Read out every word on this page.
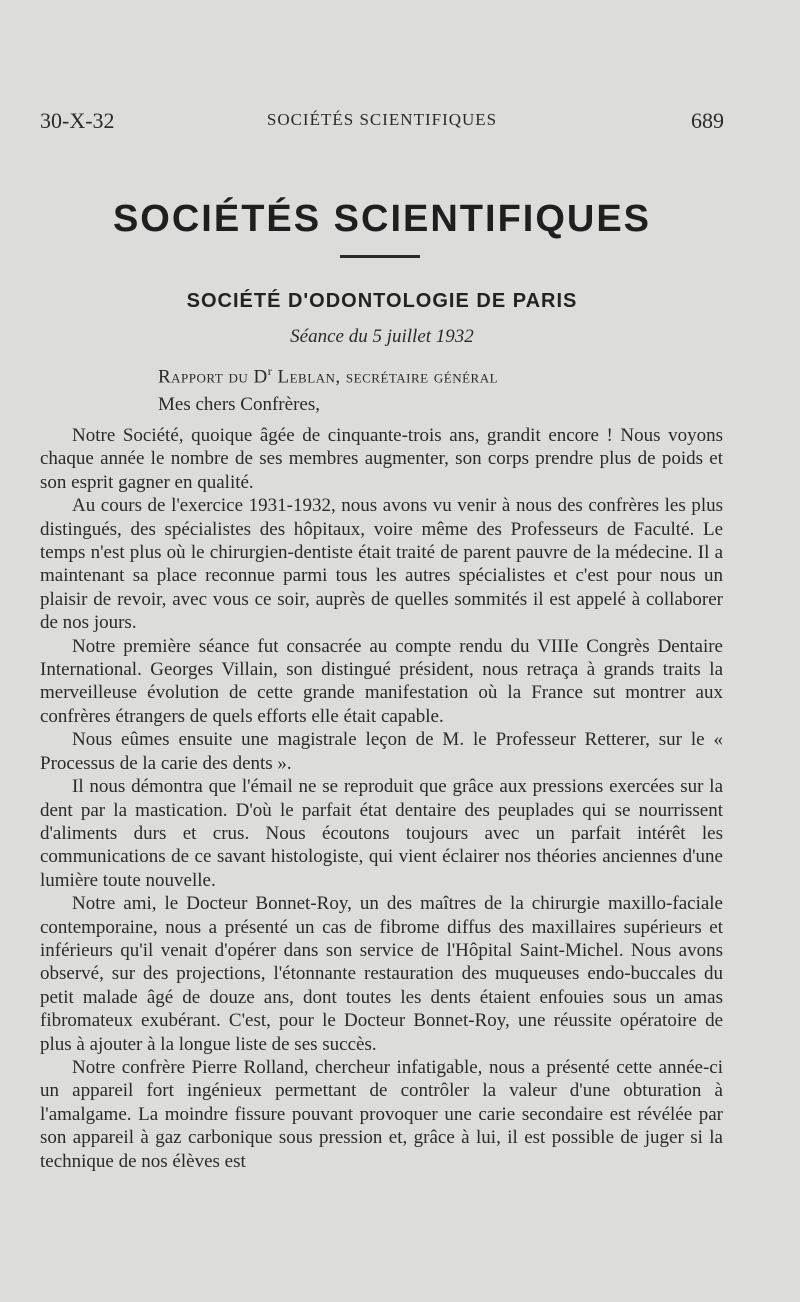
30-X-32	SOCIÉTÉS SCIENTIFIQUES	689
SOCIÉTÉS SCIENTIFIQUES
SOCIÉTÉ D'ODONTOLOGIE DE PARIS
Séance du 5 juillet 1932
Rapport du $D^r$ Leblan, secrétaire général
Mes chers Confrères,

Notre Société, quoique âgée de cinquante-trois ans, grandit encore ! Nous voyons chaque année le nombre de ses membres augmenter, son corps prendre plus de poids et son esprit gagner en qualité.

Au cours de l'exercice 1931-1932, nous avons vu venir à nous des confrères les plus distingués, des spécialistes des hôpitaux, voire même des Professeurs de Faculté. Le temps n'est plus où le chirurgien-dentiste était traité de parent pauvre de la médecine. Il a maintenant sa place reconnue parmi tous les autres spécialistes et c'est pour nous un plaisir de revoir, avec vous ce soir, auprès de quelles sommités il est appelé à collaborer de nos jours.

Notre première séance fut consacrée au compte rendu du VIIIe Congrès Dentaire International. Georges Villain, son distingué président, nous retraça à grands traits la merveilleuse évolution de cette grande manifestation où la France sut montrer aux confrères étrangers de quels efforts elle était capable.

Nous eûmes ensuite une magistrale leçon de M. le Professeur Retterer, sur le « Processus de la carie des dents ».

Il nous démontra que l'émail ne se reproduit que grâce aux pressions exercées sur la dent par la mastication. D'où le parfait état dentaire des peuplades qui se nourrissent d'aliments durs et crus. Nous écoutons toujours avec un parfait intérêt les communications de ce savant histologiste, qui vient éclairer nos théories anciennes d'une lumière toute nouvelle.

Notre ami, le Docteur Bonnet-Roy, un des maîtres de la chirurgie maxillo-faciale contemporaine, nous a présenté un cas de fibrome diffus des maxillaires supérieurs et inférieurs qu'il venait d'opérer dans son service de l'Hôpital Saint-Michel. Nous avons observé, sur des projections, l'étonnante restauration des muqueuses endo-buccales du petit malade âgé de douze ans, dont toutes les dents étaient enfouies sous un amas fibromateux exubérant. C'est, pour le Docteur Bonnet-Roy, une réussite opératoire de plus à ajouter à la longue liste de ses succès.

Notre confrère Pierre Rolland, chercheur infatigable, nous a présenté cette année-ci un appareil fort ingénieux permettant de contrôler la valeur d'une obturation à l'amalgame. La moindre fissure pouvant provoquer une carie secondaire est révélée par son appareil à gaz carbonique sous pression et, grâce à lui, il est possible de juger si la technique de nos élèves est
